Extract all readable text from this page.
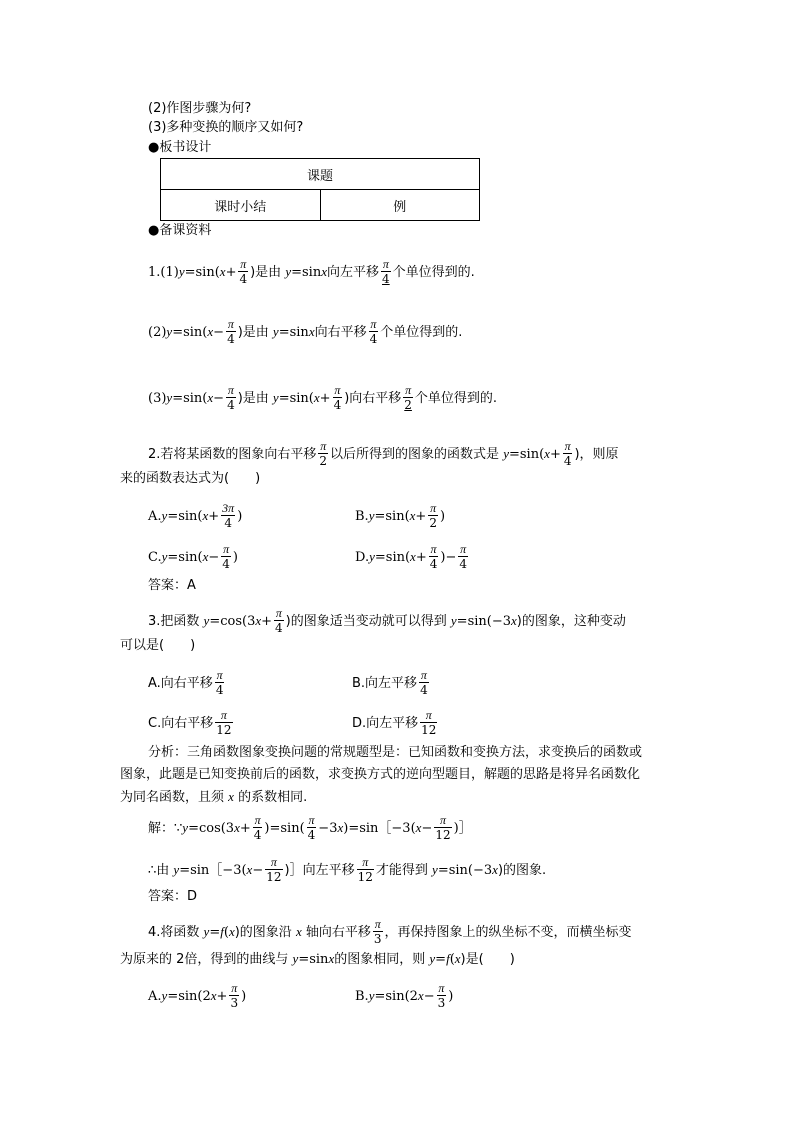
(2)作图步骤为何?
(3)多种变换的顺序又如何?
●板书设计
课题
课时小结	例
●备课资料
$1.(1)y=\sin(x+ \frac{\pi}{4}$ )是由 y=sinx向左平移 $\frac{\pi}{4}$ 个单位得到的.
$(2)y=\sin(x- \frac{\pi}{4}$ )是由 y=sinx向右平移 $\frac{\pi}{4}$ 个单位得到的.
$(3)y=\sin(x- \frac{\pi}{4}$ )是由 $y=\sin(x+ \frac{\pi}{4}$ )向右平移 $\frac{\pi}{2}$ 个单位得到的.
2.若将某函数的图象向右平移 $\frac{\pi}{2}$ 以后所得到的图象的函数式是 $y=\sin(x+ \frac{\pi}{4}$ )，则原
来的函数表达式为(　　)
$A.y=\sin(x+ \frac{3\pi}{4}$ )	$B.y=\sin(x+ \frac{\pi}{2}$ )
$C.y=\sin(x- \frac{\pi}{4}$ )	$D.y=\sin(x+ \frac{\pi}{4}$ )− $\frac{\pi}{4}$
答案：A
3.把函数 $y=\cos(3x+ \frac{\pi}{4}$ )的图象适当变动就可以得到 y=sin(−3x)的图象，这种变动
可以是(　　)
A.向右平移 $\frac{\pi}{4}$	B.向左平移 $\frac{\pi}{4}$
C.向右平移 $\frac{\pi}{12}$	D.向左平移 $\frac{\pi}{12}$
分析：三角函数图象变换问题的常规题型是：已知函数和变换方法，求变换后的函数或
图象，此题是已知变换前后的函数，求变换方式的逆向型题目，解题的思路是将异名函数化
为同名函数，且须 x 的系数相同.
解：∵y=cos(3x+ $\frac{\pi}{4} )=\sin( \frac{\pi}{4}$ −3x)=sin［−3(x− $\frac{\pi}{12}$ )］
∴由 y=sin［−3(x− $\frac{\pi}{12}$ )］向左平移 $\frac{\pi}{12}$ 才能得到 y=sin(−3x)的图象.
答案：D
4.将函数 y=f(x)的图象沿 x 轴向右平移 $\frac{\pi}{3}$ ，再保持图象上的纵坐标不变，而横坐标变
为原来的 2倍，得到的曲线与 y=sinx的图象相同，则 y=f(x)是(　　)
$A.y=\sin(2x+ \frac{\pi}{3}$ )	$B.y=\sin(2x- \frac{\pi}{3}$ )
